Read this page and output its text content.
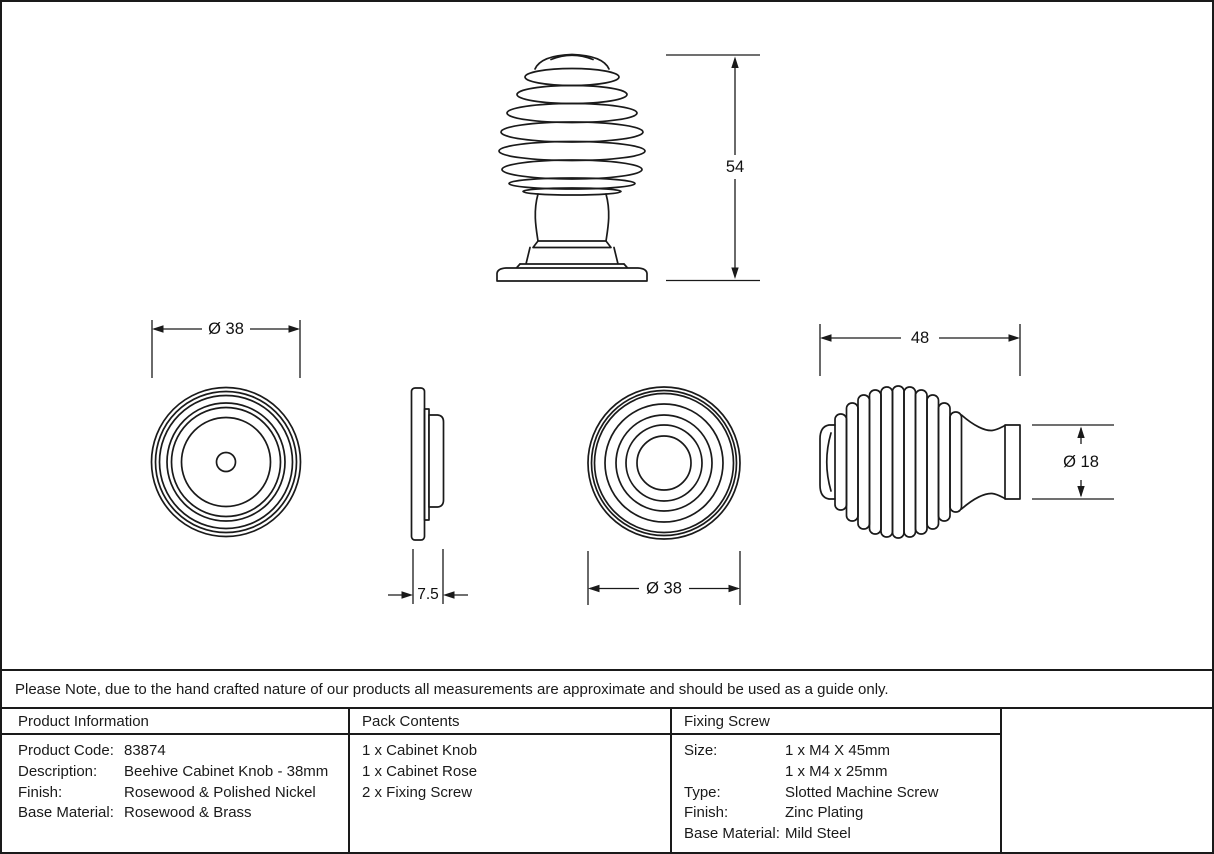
54
Ø 38
7.5	Ø 38
48
Ø 18
Please Note, due to the hand crafted nature of our products all measurements are approximate and should be used as a guide only.
Product Information
Product Code: 83874
Description:	Beehive Cabinet Knob - 38mm
Finish:	Rosewood & Polished Nickel
Base Material: Rosewood & Brass
Pack Contents
1 x Cabinet Knob
1 x Cabinet Rose
2 x Fixing Screw
Fixing Screw
Size:	1 x M4 X 45mm
1 x M4 x 25mm
Type:	Slotted Machine Screw
Finish:	Zinc Plating
Base Material: Mild Steel
